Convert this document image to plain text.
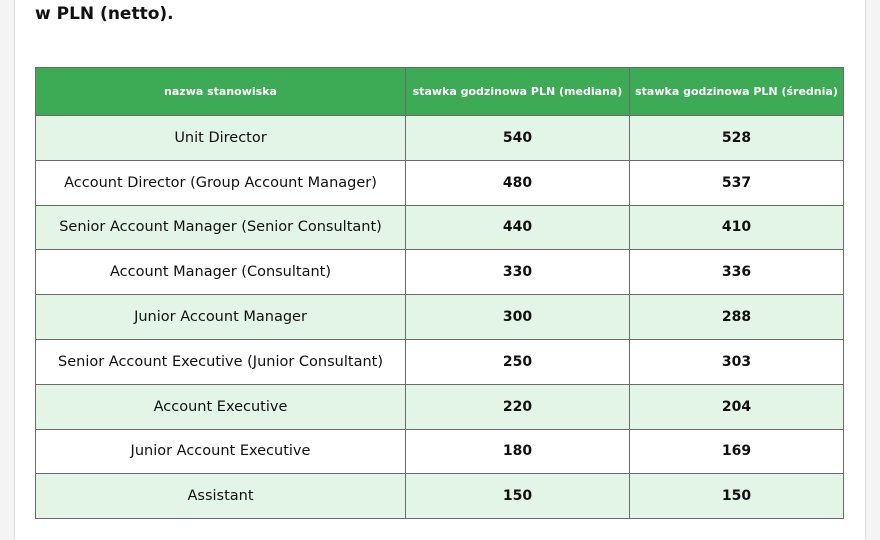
w PLN (netto).
nazwa stanowiska	stawka godzinowa PLN (mediana)	stawka godzinowa PLN (średnia)
Unit Director	540	528
Account Director (Group Account Manager)	480	537
Senior Account Manager (Senior Consultant)	440	410
Account Manager (Consultant)	330	336
Junior Account Manager	300	288
Senior Account Executive (Junior Consultant)	250	303
Account Executive	220	204
Junior Account Executive	180	169
Assistant	150	150
